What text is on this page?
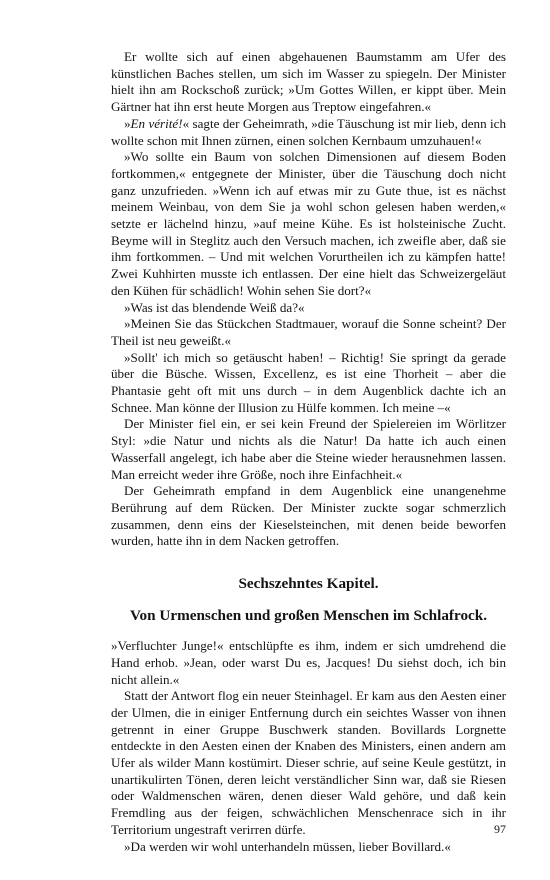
Er wollte sich auf einen abgehauenen Baumstamm am Ufer des künstlichen Baches stellen, um sich im Wasser zu spiegeln. Der Minister hielt ihn am Rockschoß zurück; »Um Gottes Willen, er kippt über. Mein Gärtner hat ihn erst heute Morgen aus Treptow eingefahren.«

»En vérité!« sagte der Geheimrath, »die Täuschung ist mir lieb, denn ich wollte schon mit Ihnen zürnen, einen solchen Kernbaum umzuhauen!«

»Wo sollte ein Baum von solchen Dimensionen auf diesem Boden fortkommen,« entgegnete der Minister, über die Täuschung doch nicht ganz unzufrieden. »Wenn ich auf etwas mir zu Gute thue, ist es nächst meinem Weinbau, von dem Sie ja wohl schon gelesen haben werden,« setzte er lächelnd hinzu, »auf meine Kühe. Es ist holsteinische Zucht. Beyme will in Steglitz auch den Versuch machen, ich zweifle aber, daß sie ihm fortkommen. – Und mit welchen Vorurtheilen ich zu kämpfen hatte! Zwei Kuhhirten musste ich entlassen. Der eine hielt das Schweizergeläut den Kühen für schädlich! Wohin sehen Sie dort?«

»Was ist das blendende Weiß da?«

»Meinen Sie das Stückchen Stadtmauer, worauf die Sonne scheint? Der Theil ist neu geweißt.«

»Sollt' ich mich so getäuscht haben! – Richtig! Sie springt da gerade über die Büsche. Wissen, Excellenz, es ist eine Thorheit – aber die Phantasie geht oft mit uns durch – in dem Augenblick dachte ich an Schnee. Man könne der Illusion zu Hülfe kommen. Ich meine –«

Der Minister fiel ein, er sei kein Freund der Spielereien im Wörlitzer Styl: »die Natur und nichts als die Natur! Da hatte ich auch einen Wasserfall angelegt, ich habe aber die Steine wieder herausnehmen lassen. Man erreicht weder ihre Größe, noch ihre Einfachheit.«

Der Geheimrath empfand in dem Augenblick eine unangenehme Berührung auf dem Rücken. Der Minister zuckte sogar schmerzlich zusammen, denn eins der Kieselsteinchen, mit denen beide beworfen wurden, hatte ihn in dem Nacken getroffen.

Sechszehntes Kapitel.
Von Urmenschen und großen Menschen im Schlafrock.

»Verfluchter Junge!« entschlüpfte es ihm, indem er sich umdrehend die Hand erhob. »Jean, oder warst Du es, Jacques! Du siehst doch, ich bin nicht allein.«

Statt der Antwort flog ein neuer Steinhagel. Er kam aus den Aesten einer der Ulmen, die in einiger Entfernung durch ein seichtes Wasser von ihnen getrennt in einer Gruppe Buschwerk standen. Bovillards Lorgnette entdeckte in den Aesten einen der Knaben des Ministers, einen andern am Ufer als wilder Mann kostümirt. Dieser schrie, auf seine Keule gestützt, in unartikulirten Tönen, deren leicht verständlicher Sinn war, daß sie Riesen oder Waldmenschen wären, denen dieser Wald gehöre, und daß kein Fremdling aus der feigen, schwächlichen Menschenrace sich in ihr Territorium ungestraft verirren dürfe.

»Da werden wir wohl unterhandeln müssen, lieber Bovillard.«

97
